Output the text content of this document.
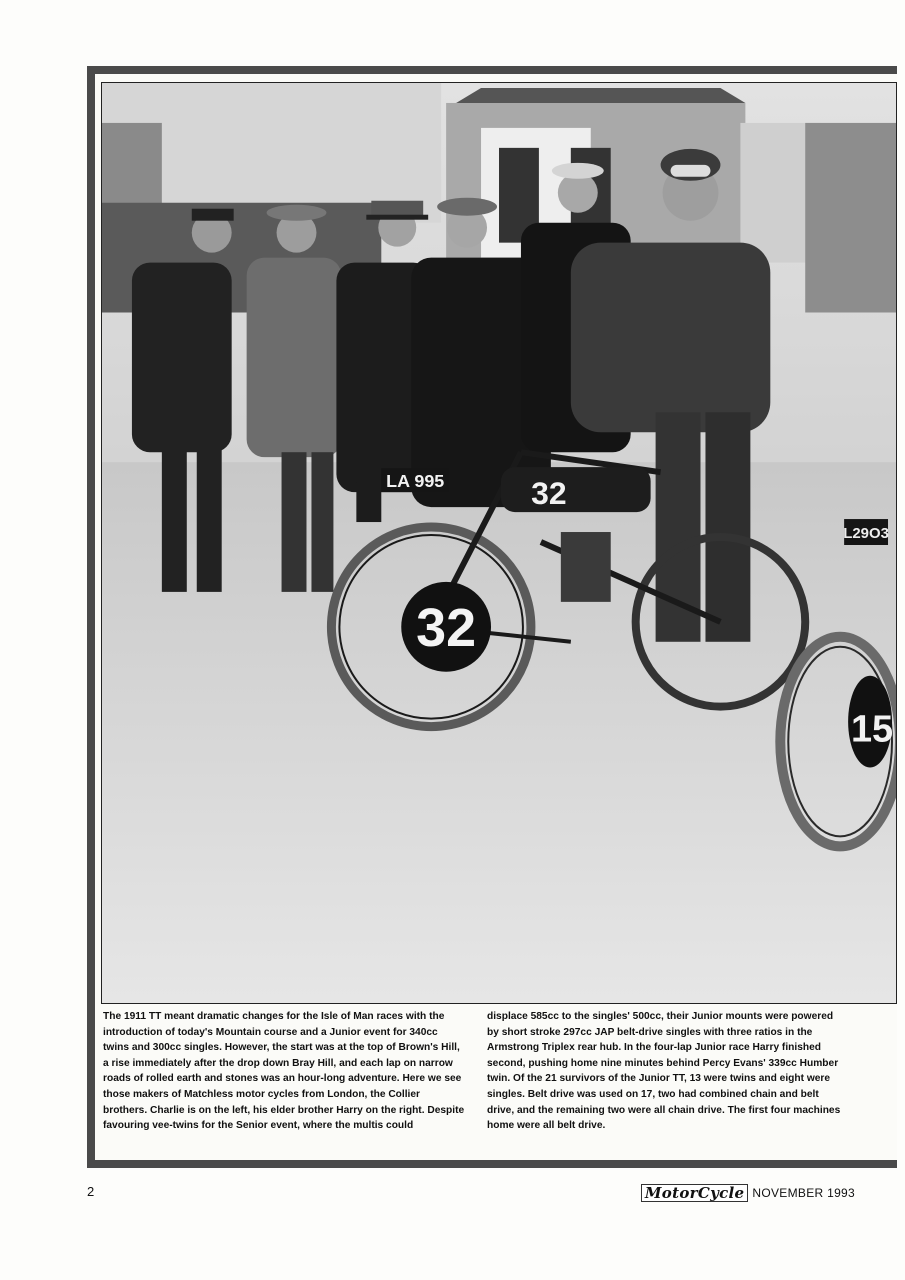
32
32
LA 995
15
L29O3
The 1911 TT meant dramatic changes for the Isle of Man races with the introduction of today's Mountain course and a Junior event for 340cc twins and 300cc singles. However, the start was at the top of Brown's Hill, a rise immediately after the drop down Bray Hill, and each lap on narrow roads of rolled earth and stones was an hour-long adventure. Here we see those makers of Matchless motor cycles from London, the Collier brothers. Charlie is on the left, his elder brother Harry on the right. Despite favouring vee-twins for the Senior event, where the multis could
displace 585cc to the singles' 500cc, their Junior mounts were powered by short stroke 297cc JAP belt-drive singles with three ratios in the Armstrong Triplex rear hub. In the four-lap Junior race Harry finished second, pushing home nine minutes behind Percy Evans' 339cc Humber twin. Of the 21 survivors of the Junior TT, 13 were twins and eight were singles. Belt drive was used on 17, two had combined chain and belt drive, and the remaining two were all chain drive. The first four machines home were all belt drive.
2	MotorCycle NOVEMBER 1993
